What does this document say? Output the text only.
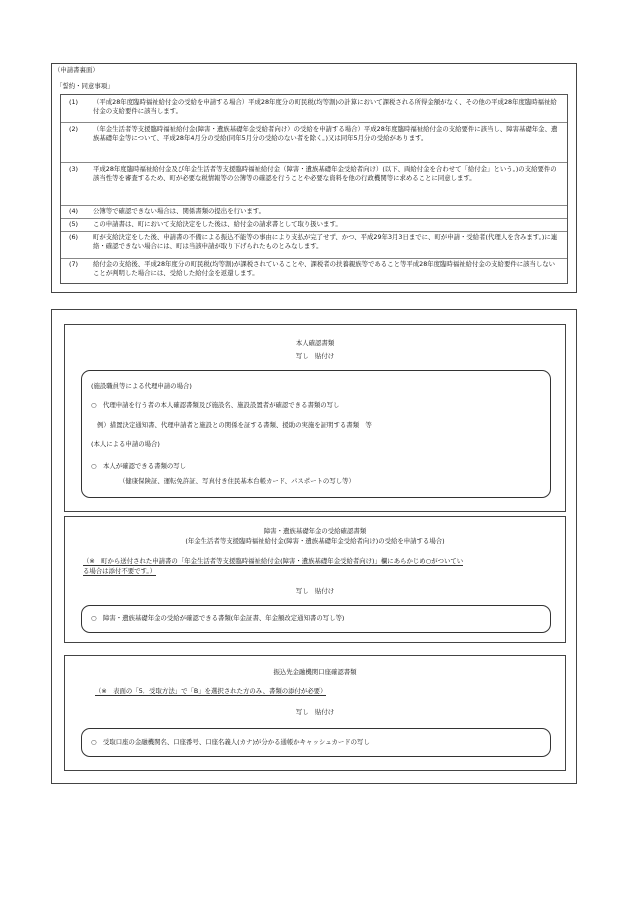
（申請書裏面）
「誓約・同意事項」
(1)	（平成28年度臨時福祉給付金の受給を申請する場合）平成28年度分の町民税(均等割)の計算において課税される所得金額がなく、その他の平成28年度臨時福祉給付金の支給要件に該当します。
(2)	（年金生活者等支援臨時福祉給付金(障害・遺族基礎年金受給者向け）の受給を申請する場合）平成28年度臨時福祉給付金の支給要件に該当し、障害基礎年金、遺族基礎年金等について、平成28年4月分の受給(同年5月分の受給のない者を除く。)又は同年5月分の受給があります。
(3)	平成28年度臨時福祉給付金及び年金生活者等支援臨時福祉給付金（障害・遺族基礎年金受給者向け）(以下、両給付金を合わせて「給付金」という。)の支給要件の該当性等を審査するため、町が必要な税情報等の公簿等の確認を行うことや必要な資料を他の行政機関等に求めることに同意します。
(4)	公簿等で確認できない場合は、関係書類の提出を行います。
(5)	この申請書は、町において支給決定をした後は、給付金の請求書として取り扱います。
(6)	町が支給決定をした後、申請書の不備による振込不能等の事由により支払が完了せず、かつ、平成29年3月3日までに、町が申請・受給者(代理人を含みます。)に連絡・確認できない場合には、町は当該申請が取り下げられたものとみなします。
(7)	給付金の支給後、平成28年度分の町民税(均等割)が課税されていることや、課税者の扶養親族等であること等平成28年度臨時福祉給付金の支給要件に該当しないことが判明した場合には、受給した給付金を返還します。
本人確認書類
写し　貼付け
(施設職員等による代理申請の場合)
○　代理申請を行う者の本人確認書類及び施設名、施設設置者が確認できる書類の写し
例）措置決定通知書、代理申請者と施設との関係を証する書類、援助の実施を証明する書類　等
(本人による申請の場合)
○　本人が確認できる書類の写し
（健康保険証、運転免許証、写真付き住民基本台帳カード、パスポートの写し等）
障害・遺族基礎年金の受給確認書類
(年金生活者等支援臨時福祉給付金(障害・遺族基礎年金受給者向け)の受給を申請する場合)
（※　町から送付された申請書の「年金生活者等支援臨時福祉給付金(障害・遺族基礎年金受給者向け)」欄にあらかじめ○がついてい
る場合は添付不要です。）
写し　貼付け
○　障害・遺族基礎年金の受給が確認できる書類(年金証書、年金額改定通知書の写し等)
振込先金融機関口座確認書類
（※　表面の「5．受取方法」で「B」を選択された方のみ、書類の添付が必要）
写し　貼付け
○　受取口座の金融機関名、口座番号、口座名義人(カナ)が分かる通帳かキャッシュカードの写し
